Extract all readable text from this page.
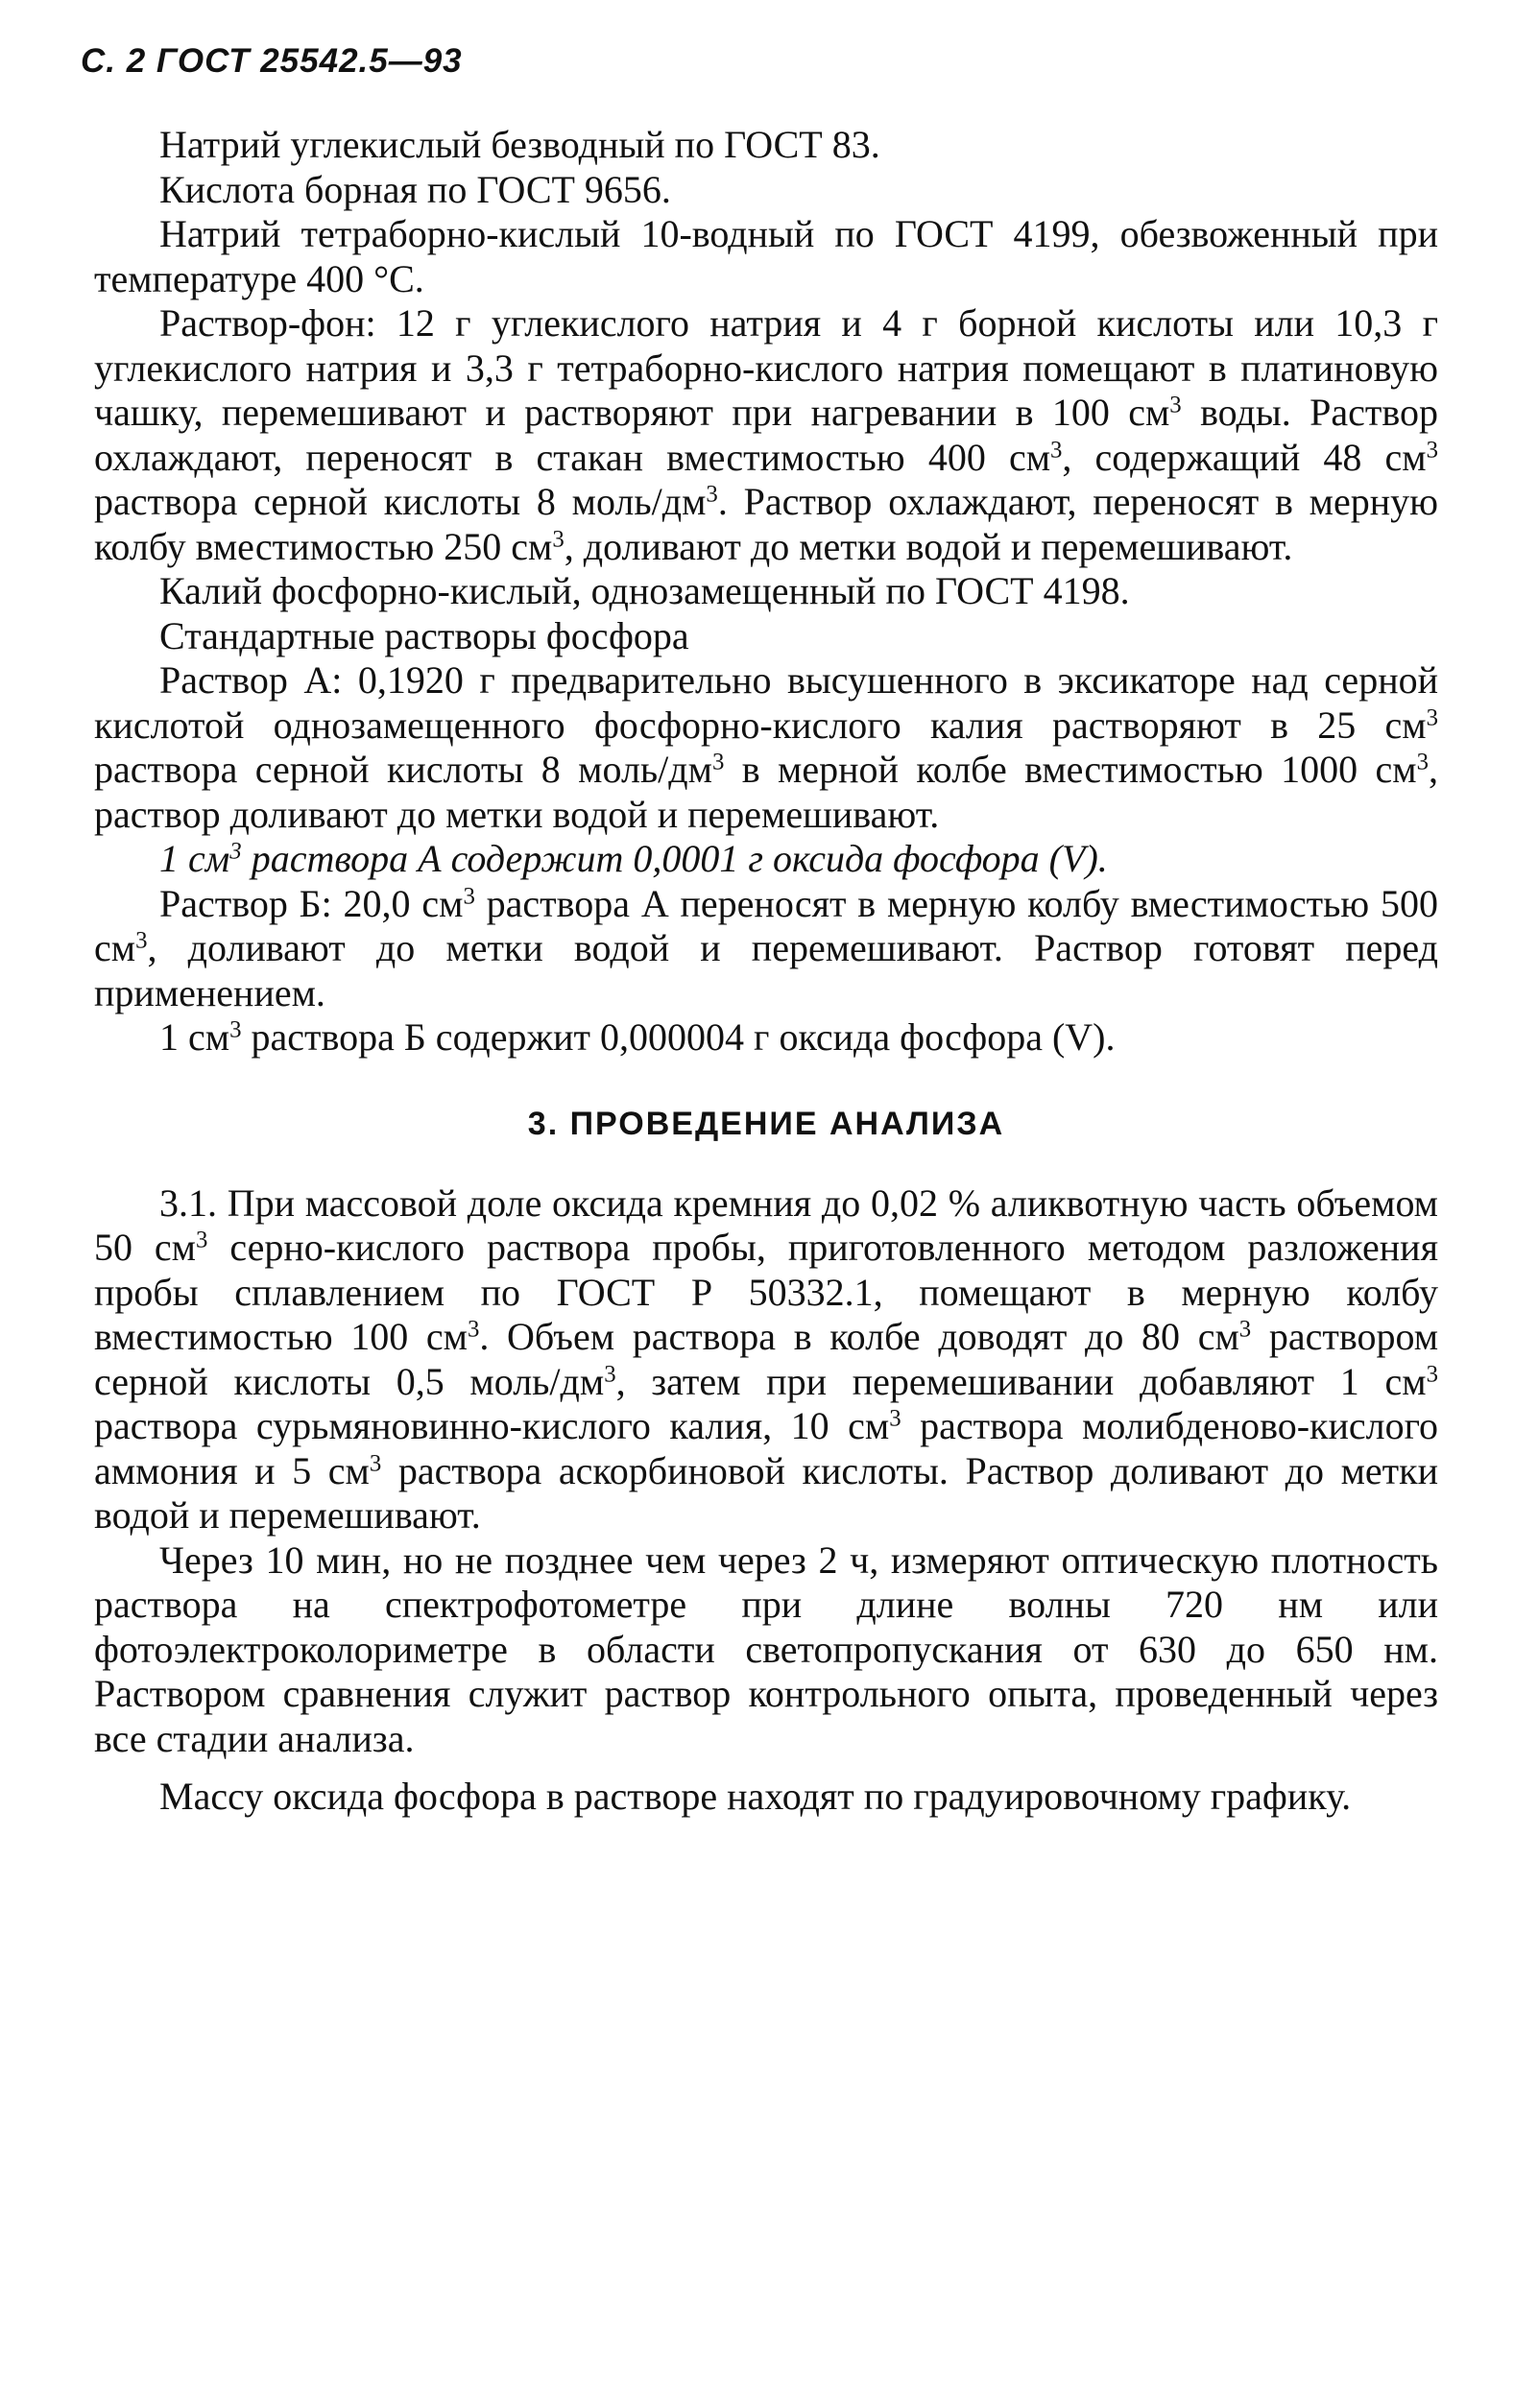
С. 2 ГОСТ 25542.5—93

Натрий углекислый безводный по ГОСТ 83.

Кислота борная по ГОСТ 9656.

Натрий тетраборно-кислый 10-водный по ГОСТ 4199, обезвоженный при температуре 400 °С.

Раствор-фон: 12 г углекислого натрия и 4 г борной кислоты или 10,3 г углекислого натрия и 3,3 г тетраборно-кислого натрия помещают в платиновую чашку, перемешивают и растворяют при нагревании в 100 $см^3$ воды. Раствор охлаждают, переносят в стакан вместимостью 400 $см^3$, содержащий 48 $см^3$ раствора серной кислоты 8 моль/$дм^3$. Раствор охлаждают, переносят в мерную колбу вместимостью 250 $см^3$, доливают до метки водой и перемешивают.

Калий фосфорно-кислый, однозамещенный по ГОСТ 4198.

Стандартные растворы фосфора

Раствор А: 0,1920 г предварительно высушенного в эксикаторе над серной кислотой однозамещенного фосфорно-кислого калия растворяют в 25 $см^3$ раствора серной кислоты 8 моль/$дм^3$ в мерной колбе вместимостью 1000 $см^3$, раствор доливают до метки водой и перемешивают.

1 $см^3$ раствора А содержит 0,0001 г оксида фосфора (V).

Раствор Б: 20,0 $см^3$ раствора А переносят в мерную колбу вместимостью 500 $см^3$, доливают до метки водой и перемешивают. Раствор готовят перед применением.

1 $см^3$ раствора Б содержит 0,000004 г оксида фосфора (V).

3. ПРОВЕДЕНИЕ АНАЛИЗА

3.1. При массовой доле оксида кремния до 0,02 % аликвотную часть объемом 50 $см^3$ серно-кислого раствора пробы, приготовленного методом разложения пробы сплавлением по ГОСТ Р 50332.1, помещают в мерную колбу вместимостью 100 $см^3$. Объем раствора в колбе доводят до 80 $см^3$ раствором серной кислоты 0,5 моль/$дм^3$, затем при перемешивании добавляют 1 $см^3$ раствора сурьмяновинно-кислого калия, 10 $см^3$ раствора молибденово-кислого аммония и 5 $см^3$ раствора аскорбиновой кислоты. Раствор доливают до метки водой и перемешивают.

Через 10 мин, но не позднее чем через 2 ч, измеряют оптическую плотность раствора на спектрофотометре при длине волны 720 нм или фотоэлектроколориметре в области светопропускания от 630 до 650 нм. Раствором сравнения служит раствор контрольного опыта, проведенный через все стадии анализа.

Массу оксида фосфора в растворе находят по градуировочному графику.
